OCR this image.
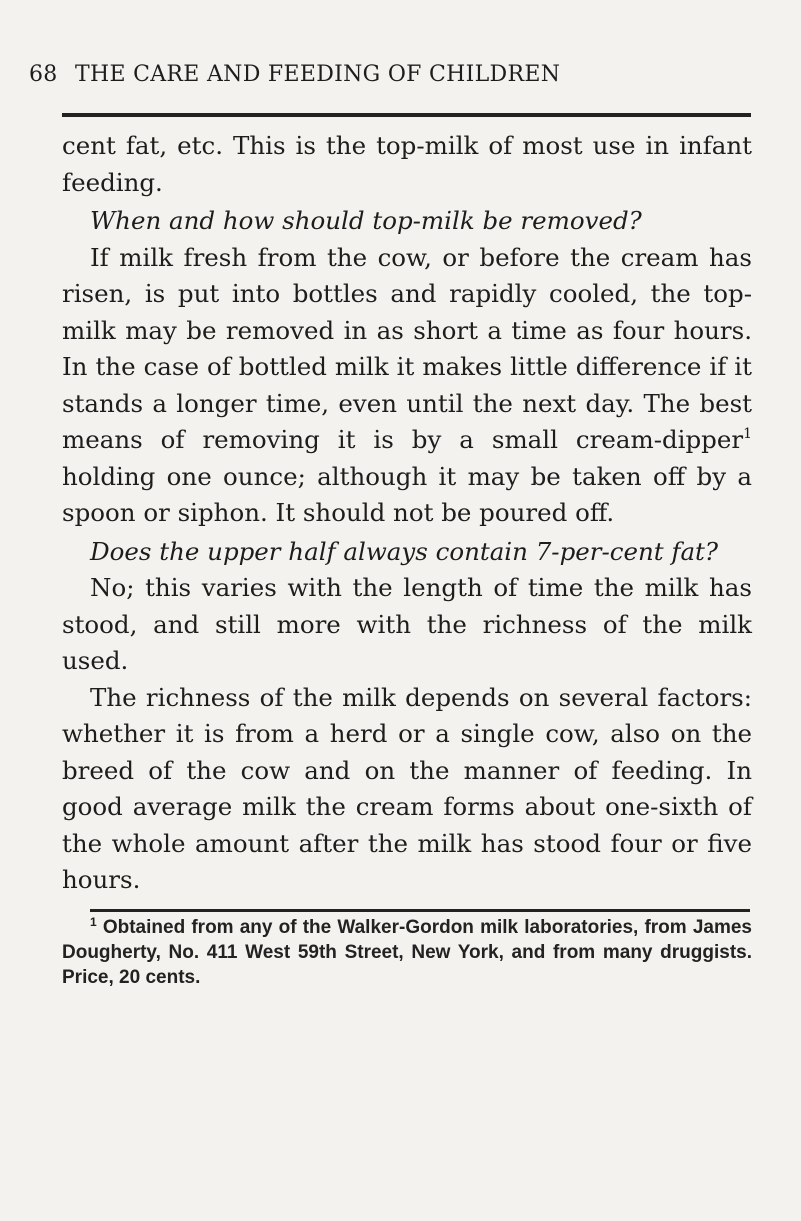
68 THE CARE AND FEEDING OF CHILDREN

cent fat, etc. This is the top-milk of most use in infant feeding.

When and how should top-milk be removed?

If milk fresh from the cow, or before the cream has risen, is put into bottles and rapidly cooled, the top-milk may be removed in as short a time as four hours. In the case of bottled milk it makes little difference if it stands a longer time, even until the next day. The best means of removing it is by a small cream-dipper$^1$ holding one ounce; although it may be taken off by a spoon or siphon. It should not be poured off.

Does the upper half always contain 7-per-cent fat?

No; this varies with the length of time the milk has stood, and still more with the richness of the milk used.

The richness of the milk depends on several factors: whether it is from a herd or a single cow, also on the breed of the cow and on the manner of feeding. In good average milk the cream forms about one-sixth of the whole amount after the milk has stood four or five hours.

$^1$ Obtained from any of the Walker-Gordon milk laboratories, from James Dougherty, No. 411 West 59th Street, New York, and from many druggists. Price, 20 cents.
